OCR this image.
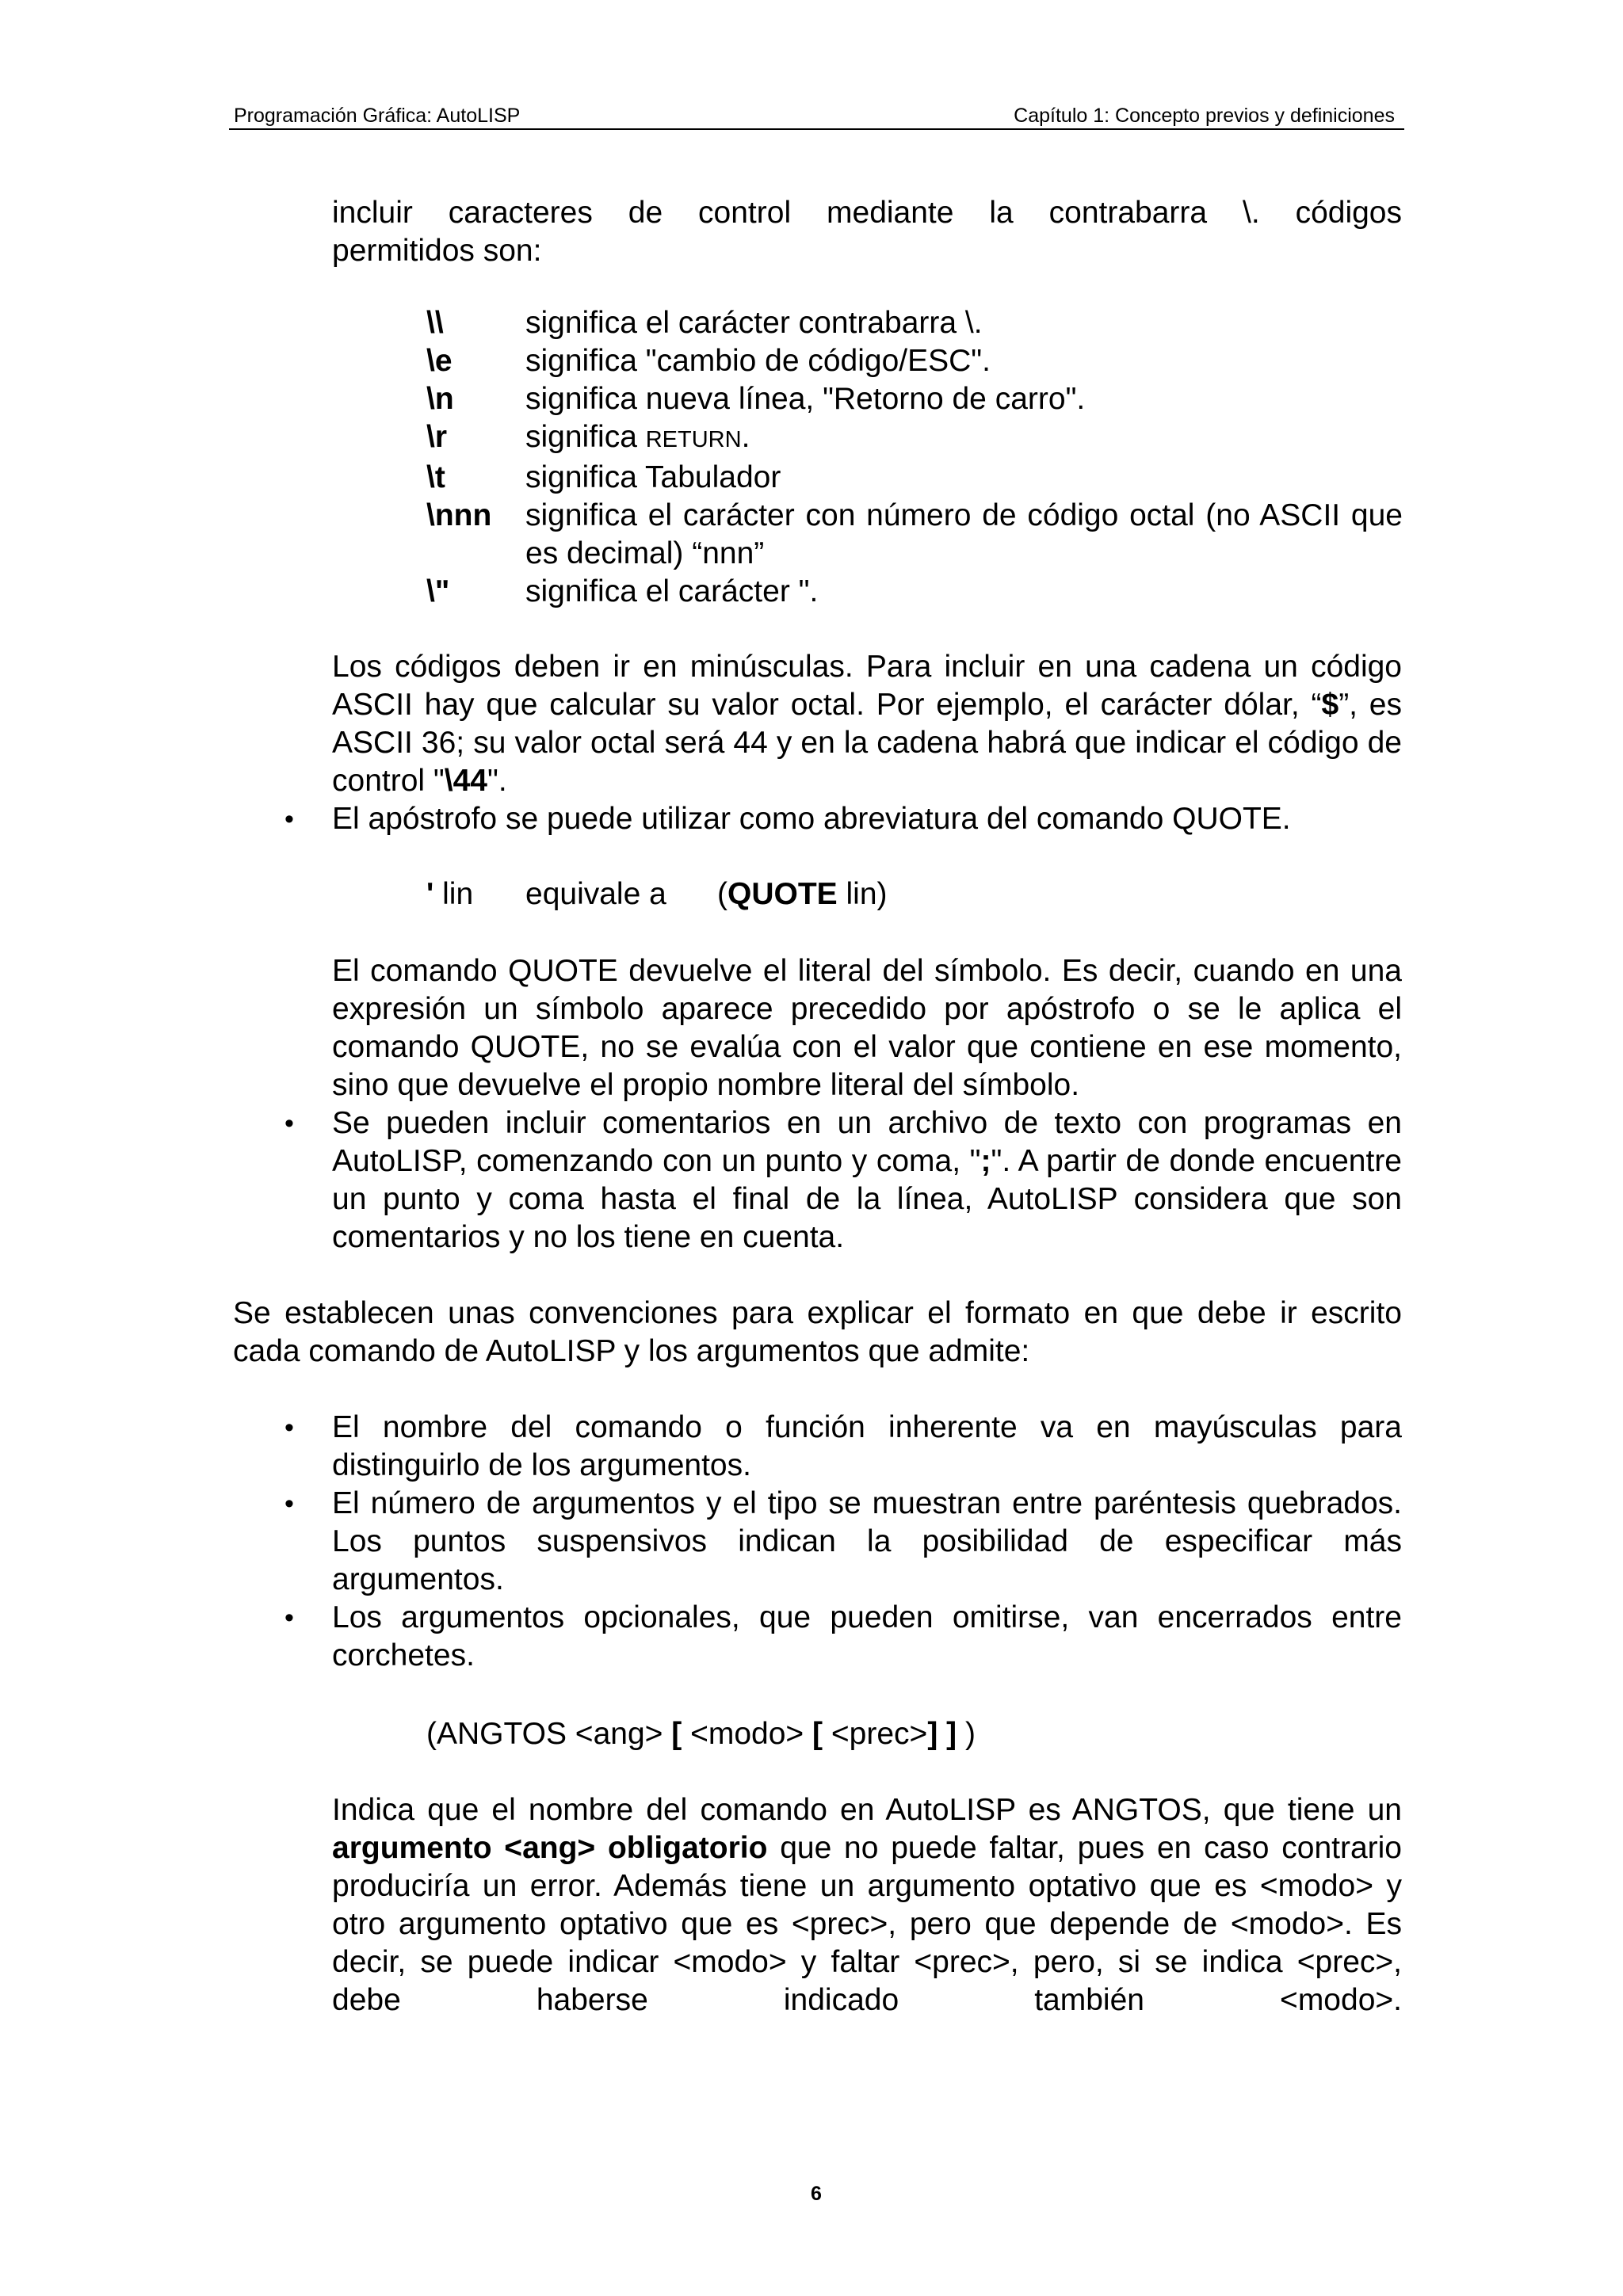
Programación Gráfica: AutoLISP	Capítulo 1: Concepto previos y definiciones
incluir caracteres de control mediante la contrabarra \. códigos
permitidos son:
\\	significa el carácter contrabarra \.
\e significa "cambio de código/ESC".
\n significa nueva línea, "Retorno de carro".
\r	significa RETURN.
\t	significa Tabulador
\nnn significa el carácter con número de código octal (no ASCII que es decimal) “nnn”
\" significa el carácter ".
Los códigos deben ir en minúsculas. Para incluir en una cadena un código ASCII hay que calcular su valor octal. Por ejemplo, el carácter dólar, “$”, es ASCII 36; su valor octal será 44 y en la cadena habrá que indicar el código de control "\44".
• El apóstrofo se puede utilizar como abreviatura del comando QUOTE.
' lin equivale a (QUOTE lin)
El comando QUOTE devuelve el literal del símbolo. Es decir, cuando en una expresión un símbolo aparece precedido por apóstrofo o se le aplica el comando QUOTE, no se evalúa con el valor que contiene en ese momento, sino que devuelve el propio nombre literal del símbolo.
• Se pueden incluir comentarios en un archivo de texto con programas en AutoLISP, comenzando con un punto y coma, ";". A partir de donde encuentre un punto y coma hasta el final de la línea, AutoLISP considera que son comentarios y no los tiene en cuenta.
Se establecen unas convenciones para explicar el formato en que debe ir escrito cada comando de AutoLISP y los argumentos que admite:
• El nombre del comando o función inherente va en mayúsculas para distinguirlo de los argumentos.
• El número de argumentos y el tipo se muestran entre paréntesis quebrados. Los puntos suspensivos indican la posibilidad de especificar más argumentos.
• Los argumentos opcionales, que pueden omitirse, van encerrados entre corchetes.
(ANGTOS <ang> [ <modo> [ <prec>] ] )
Indica que el nombre del comando en AutoLISP es ANGTOS, que tiene un argumento <ang> obligatorio que no puede faltar, pues en caso contrario produciría un error. Además tiene un argumento optativo que es <modo> y otro argumento optativo que es <prec>, pero que depende de <modo>. Es decir, se puede indicar <modo> y faltar <prec>, pero, si se indica <prec>, debe haberse indicado también <modo>.
6
